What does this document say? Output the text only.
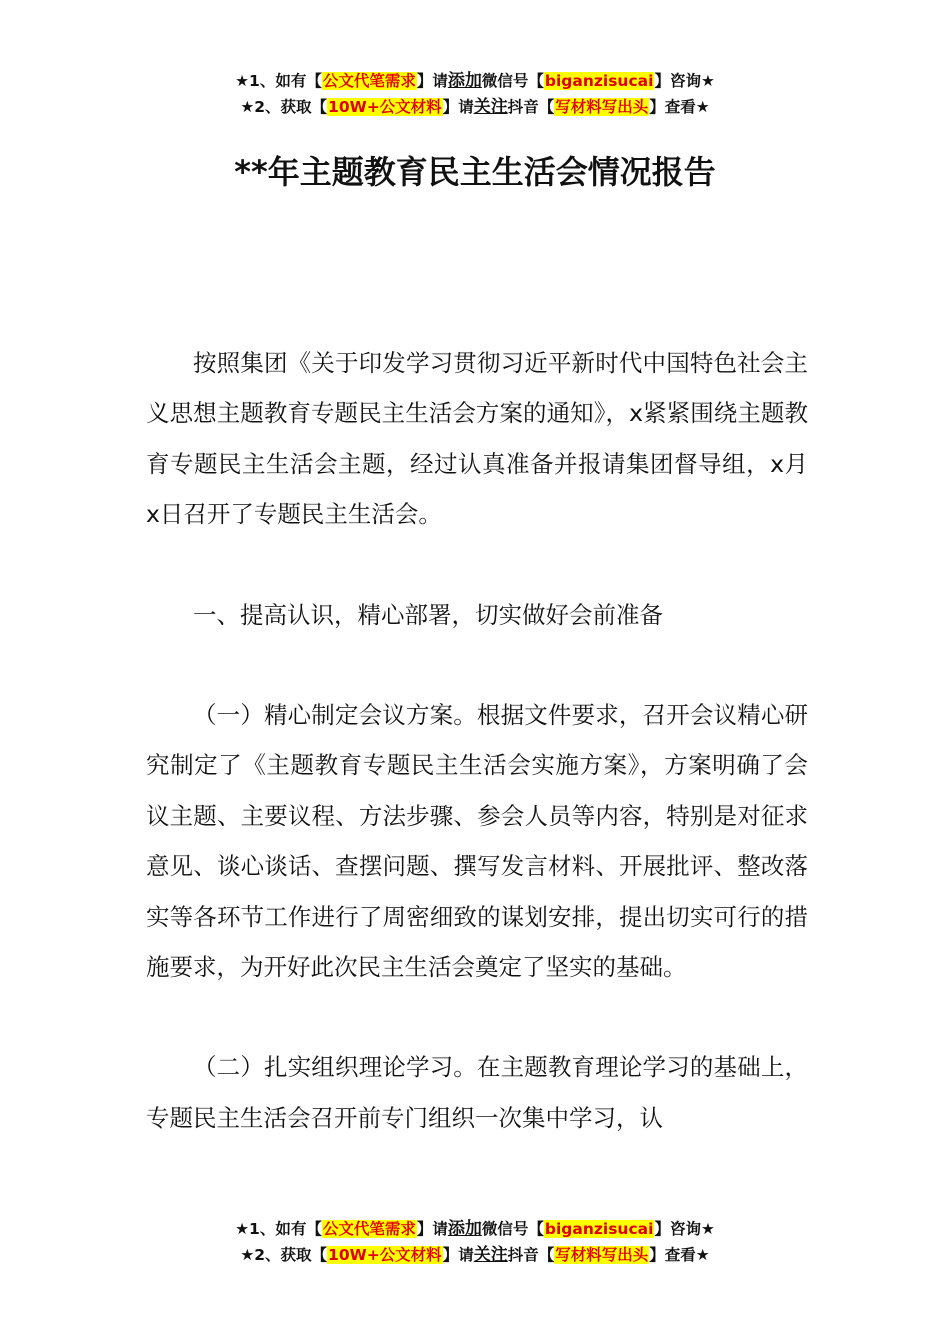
★1、如有【公文代笔需求】请添加微信号【biganzisucai】咨询★
★2、获取【10W+公文材料】请关注抖音【写材料写出头】查看★
**年主题教育民主生活会情况报告

按照集团《关于印发学习贯彻习近平新时代中国特色社会主义思想主题教育专题民主生活会方案的通知》，x紧紧围绕主题教育专题民主生活会主题，经过认真准备并报请集团督导组，x月x日召开了专题民主生活会。

一、提高认识，精心部署，切实做好会前准备

（一）精心制定会议方案。根据文件要求，召开会议精心研究制定了《主题教育专题民主生活会实施方案》，方案明确了会议主题、主要议程、方法步骤、参会人员等内容，特别是对征求意见、谈心谈话、查摆问题、撰写发言材料、开展批评、整改落实等各环节工作进行了周密细致的谋划安排，提出切实可行的措施要求，为开好此次民主生活会奠定了坚实的基础。

（二）扎实组织理论学习。在主题教育理论学习的基础上，专题民主生活会召开前专门组织一次集中学习，认

★1、如有【公文代笔需求】请添加微信号【biganzisucai】咨询★
★2、获取【10W+公文材料】请关注抖音【写材料写出头】查看★
